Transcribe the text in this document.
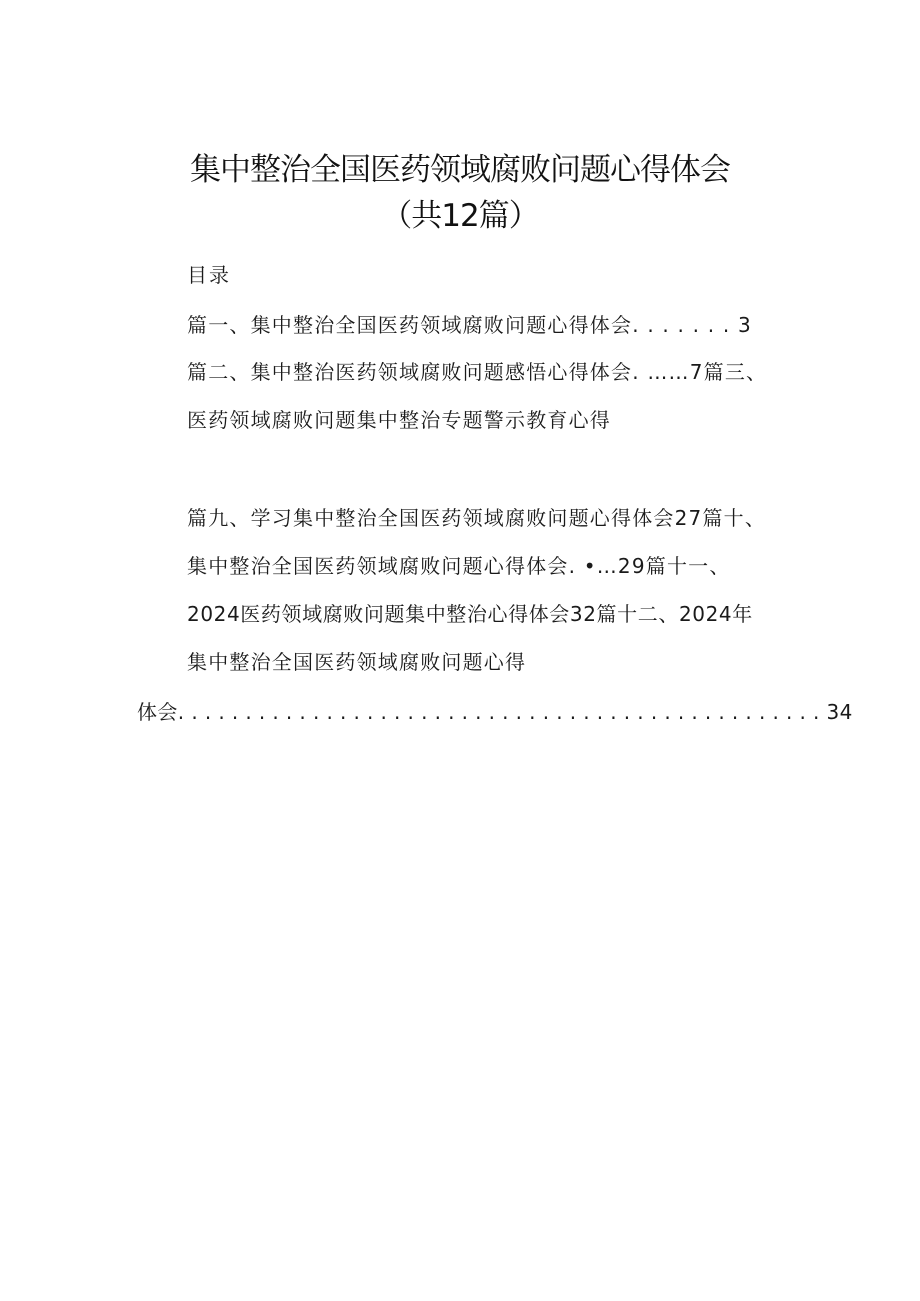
集中整治全国医药领域腐败问题心得体会
（共12篇）
目录
篇一、集中整治全国医药领域腐败问题心得体会. . . . . . . 3
篇二、集中整治医药领域腐败问题感悟心得体会. ……7篇三、
医药领域腐败问题集中整治专题警示教育心得
篇九、学习集中整治全国医药领域腐败问题心得体会27篇十、
集中整治全国医药领域腐败问题心得体会. •…29篇十一、
2024医药领域腐败问题集中整治心得体会32篇十二、2024年
集中整治全国医药领域腐败问题心得
体会. . . . . . . . . . . . . . . . . . . . . . . . . . . . . . . . . . . . . . . . . . . . . . . . 34
